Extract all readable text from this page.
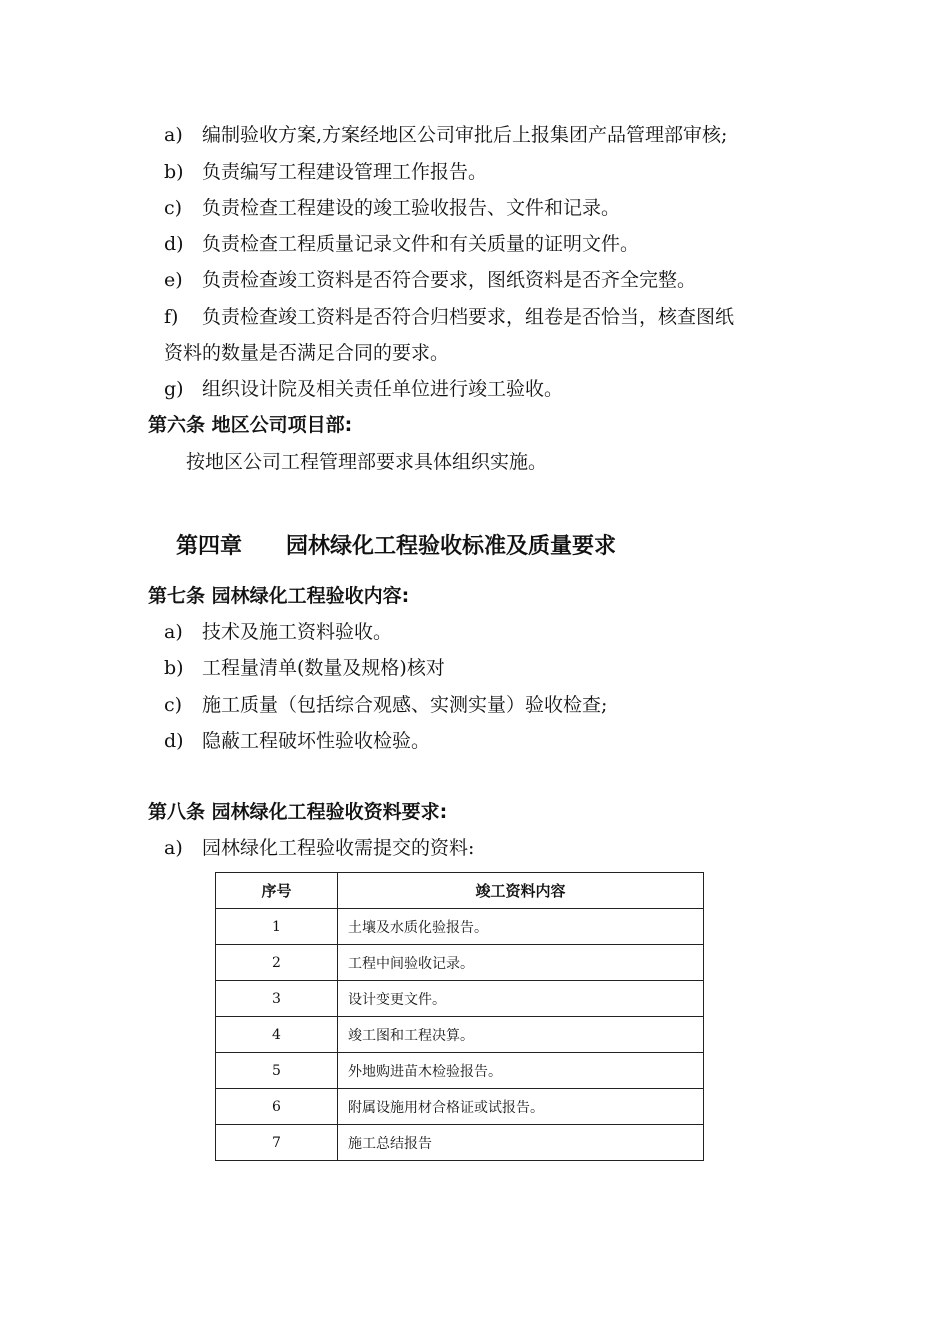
a) 编制验收方案,方案经地区公司审批后上报集团产品管理部审核;
b) 负责编写工程建设管理工作报告。
c) 负责检查工程建设的竣工验收报告、文件和记录。
d) 负责检查工程质量记录文件和有关质量的证明文件。
e) 负责检查竣工资料是否符合要求，图纸资料是否齐全完整。
f) 负责检查竣工资料是否符合归档要求，组卷是否恰当，核查图纸
资料的数量是否满足合同的要求。
g) 组织设计院及相关责任单位进行竣工验收。
第六条 地区公司项目部:
按地区公司工程管理部要求具体组织实施。
第四章 园林绿化工程验收标准及质量要求
第七条 园林绿化工程验收内容:
a) 技术及施工资料验收。
b) 工程量清单(数量及规格)核对
c) 施工质量（包括综合观感、实测实量）验收检查;
d) 隐蔽工程破坏性验收检验。
第八条 园林绿化工程验收资料要求:
a) 园林绿化工程验收需提交的资料:
序号	竣工资料内容
1	土壤及水质化验报告。
2	工程中间验收记录。
3	设计变更文件。
4	竣工图和工程决算。
5	外地购进苗木检验报告。
6	附属设施用材合格证或试报告。
7	施工总结报告
